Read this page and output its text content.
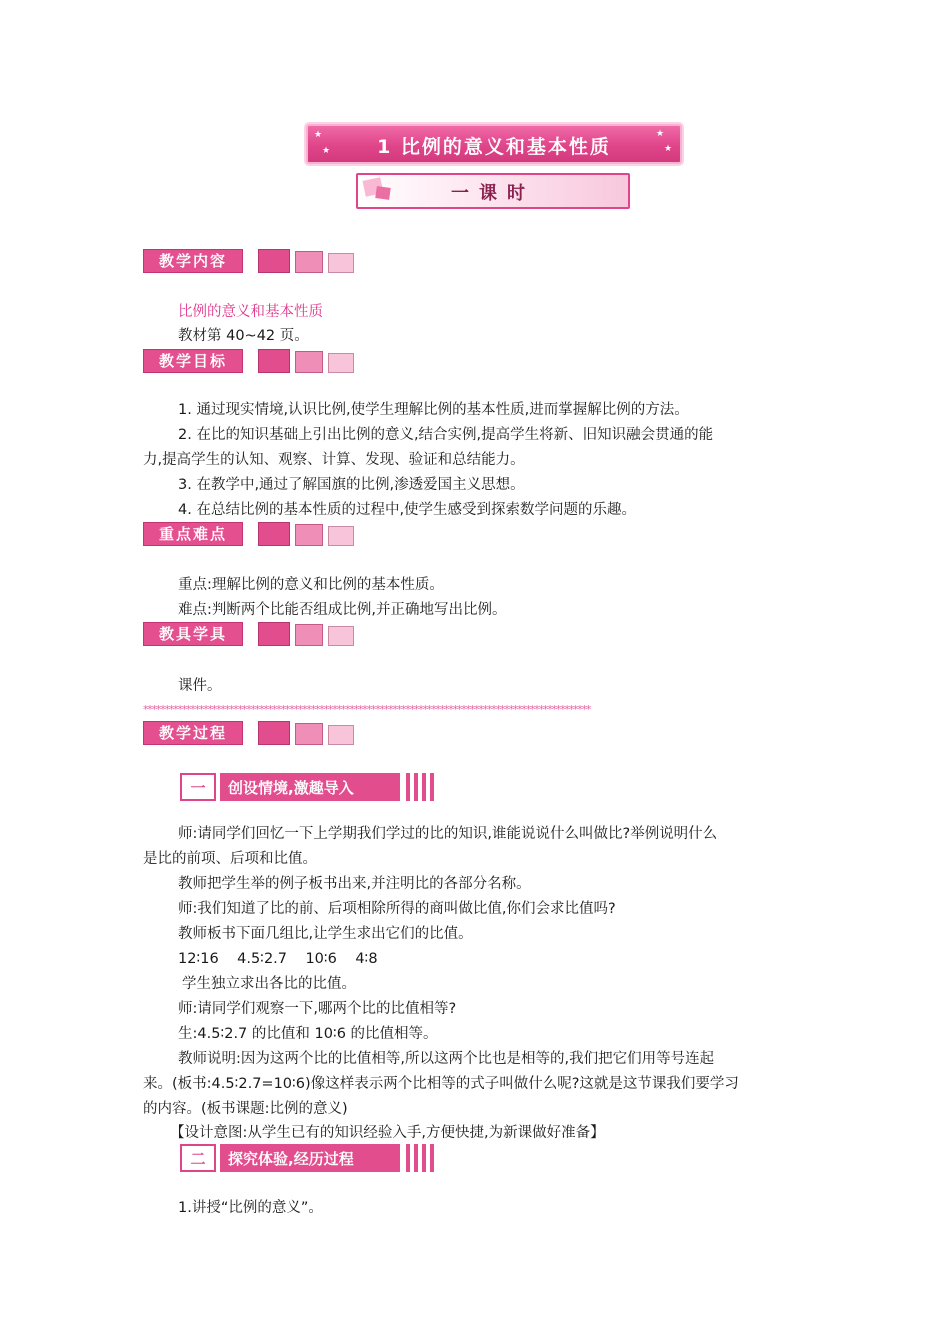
★
★
★
★
1 比例的意义和基本性质
一课时
教学内容
比例的意义和基本性质
教材第 40~42 页。
教学目标
1. 通过现实情境,认识比例,使学生理解比例的基本性质,进而掌握解比例的方法。
2. 在比的知识基础上引出比例的意义,结合实例,提高学生将新、旧知识融会贯通的能
力,提高学生的认知、观察、计算、发现、验证和总结能力。
3. 在教学中,通过了解国旗的比例,渗透爱国主义思想。
4. 在总结比例的基本性质的过程中,使学生感受到探索数学问题的乐趣。
重点难点
重点:理解比例的意义和比例的基本性质。
难点:判断两个比能否组成比例,并正确地写出比例。
教具学具
课件。
********************************************************************************************************
教学过程
一	创设情境,激趣导入
师:请同学们回忆一下上学期我们学过的比的知识,谁能说说什么叫做比?举例说明什么
是比的前项、后项和比值。
教师把学生举的例子板书出来,并注明比的各部分名称。
师:我们知道了比的前、后项相除所得的商叫做比值,你们会求比值吗?
教师板书下面几组比,让学生求出它们的比值。
12∶16    4.5∶2.7    10∶6    4∶8
学生独立求出各比的比值。
师:请同学们观察一下,哪两个比的比值相等?
生:4.5∶2.7 的比值和 10∶6 的比值相等。
教师说明:因为这两个比的比值相等,所以这两个比也是相等的,我们把它们用等号连起
来。(板书:4.5∶2.7=10∶6)像这样表示两个比相等的式子叫做什么呢?这就是这节课我们要学习
的内容。(板书课题:比例的意义)
【设计意图:从学生已有的知识经验入手,方便快捷,为新课做好准备】
二	探究体验,经历过程
1.讲授“比例的意义”。
